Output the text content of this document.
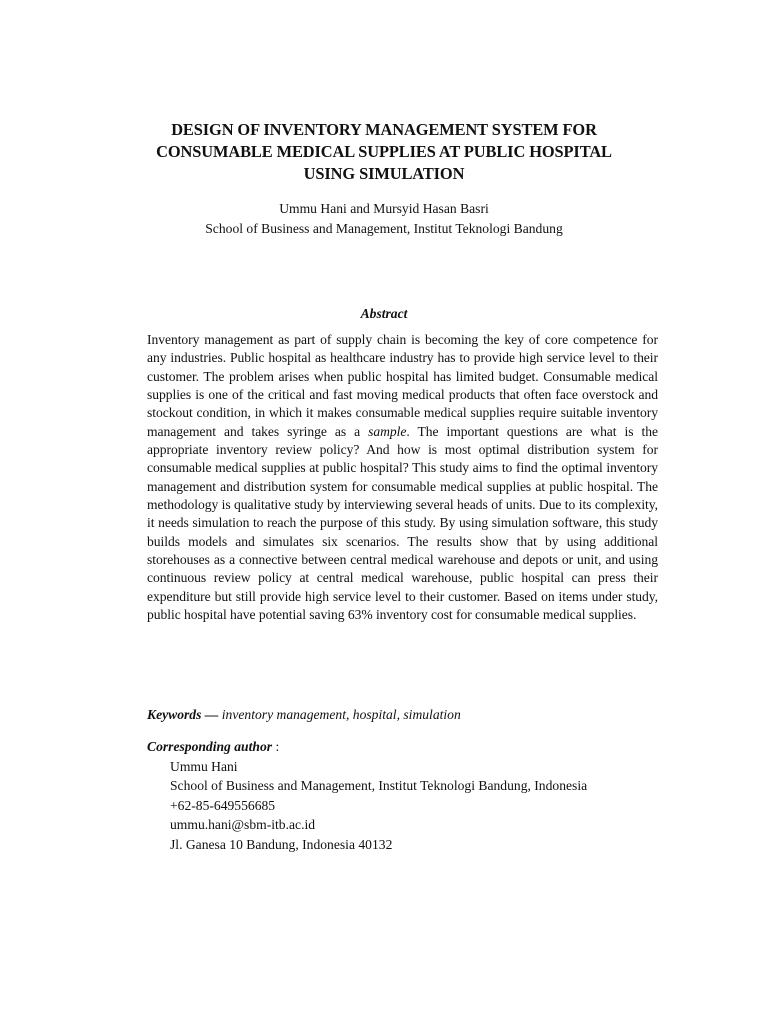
DESIGN OF INVENTORY MANAGEMENT SYSTEM FOR
CONSUMABLE MEDICAL SUPPLIES AT PUBLIC HOSPITAL
USING SIMULATION
Ummu Hani and Mursyid Hasan Basri
School of Business and Management, Institut Teknologi Bandung
Abstract

Inventory management as part of supply chain is becoming the key of core competence for any industries. Public hospital as healthcare industry has to provide high service level to their customer. The problem arises when public hospital has limited budget. Consumable medical supplies is one of the critical and fast moving medical products that often face overstock and stockout condition, in which it makes consumable medical supplies require suitable inventory management and takes syringe as a sample. The important questions are what is the appropriate inventory review policy? And how is most optimal distribution system for consumable medical supplies at public hospital? This study aims to find the optimal inventory management and distribution system for consumable medical supplies at public hospital. The methodology is qualitative study by interviewing several heads of units. Due to its complexity, it needs simulation to reach the purpose of this study. By using simulation software, this study builds models and simulates six scenarios. The results show that by using additional storehouses as a connective between central medical warehouse and depots or unit, and using continuous review policy at central medical warehouse, public hospital can press their expenditure but still provide high service level to their customer. Based on items under study, public hospital have potential saving 63% inventory cost for consumable medical supplies.

Keywords — inventory management, hospital, simulation
Corresponding author :
Ummu Hani
School of Business and Management, Institut Teknologi Bandung, Indonesia
+62-85-649556685
ummu.hani@sbm-itb.ac.id
Jl. Ganesa 10 Bandung, Indonesia 40132
